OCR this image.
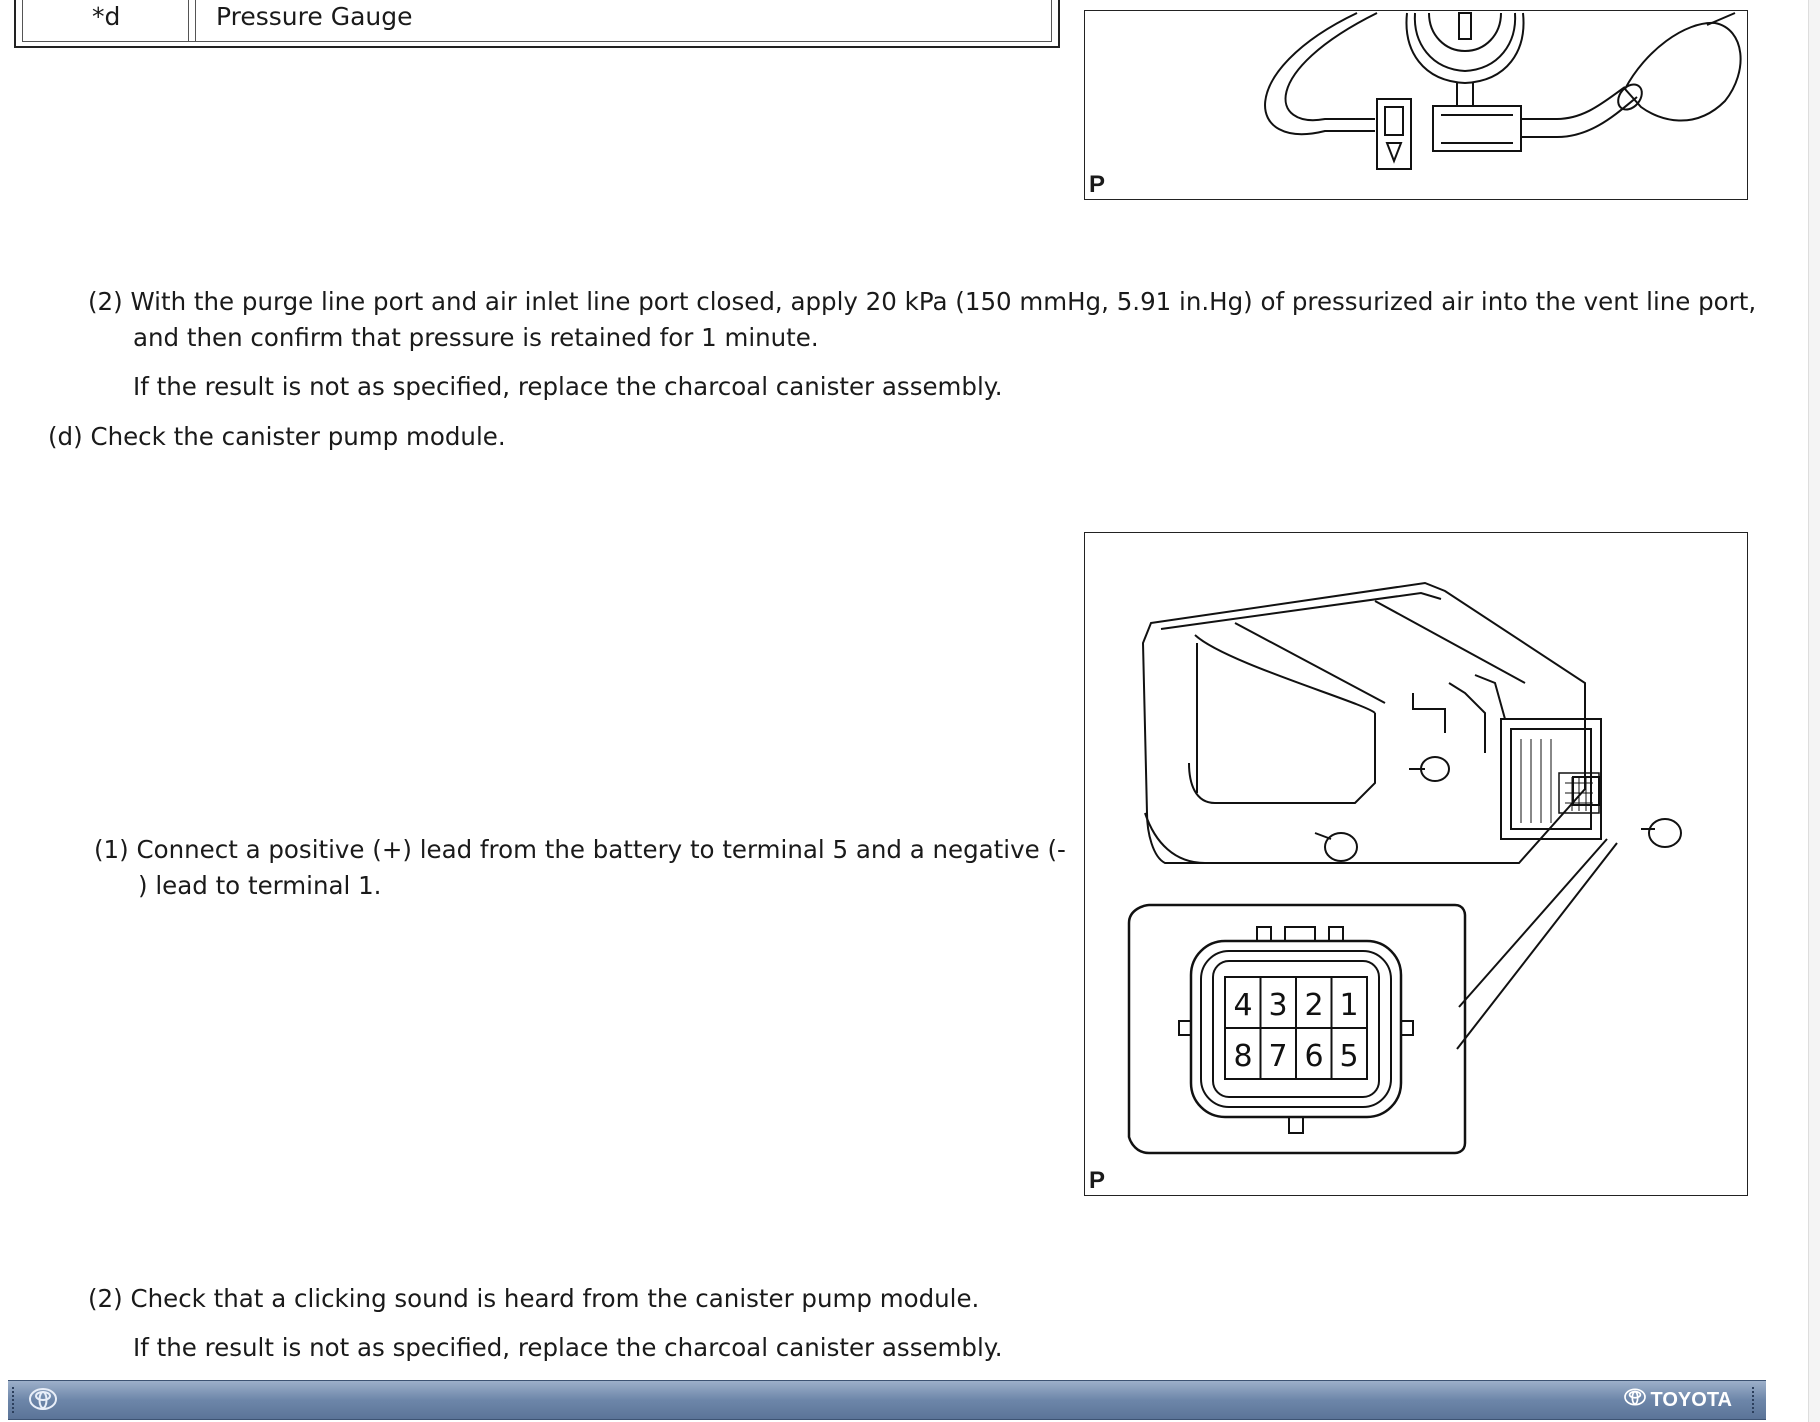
*d	Pressure Gauge
P
(2) With the purge line port and air inlet line port closed, apply 20 kPa (150 mmHg, 5.91 in.Hg) of pressurized air into the vent line port,
and then confirm that pressure is retained for 1 minute.
If the result is not as specified, replace the charcoal canister assembly.
(d) Check the canister pump module.
(1) Connect a positive (+) lead from the battery to terminal 5 and a negative (-
) lead to terminal 1.
4 3 2 1
8 7 6 5
P
(2) Check that a clicking sound is heard from the canister pump module.
If the result is not as specified, replace the charcoal canister assembly.
TOYOTA
